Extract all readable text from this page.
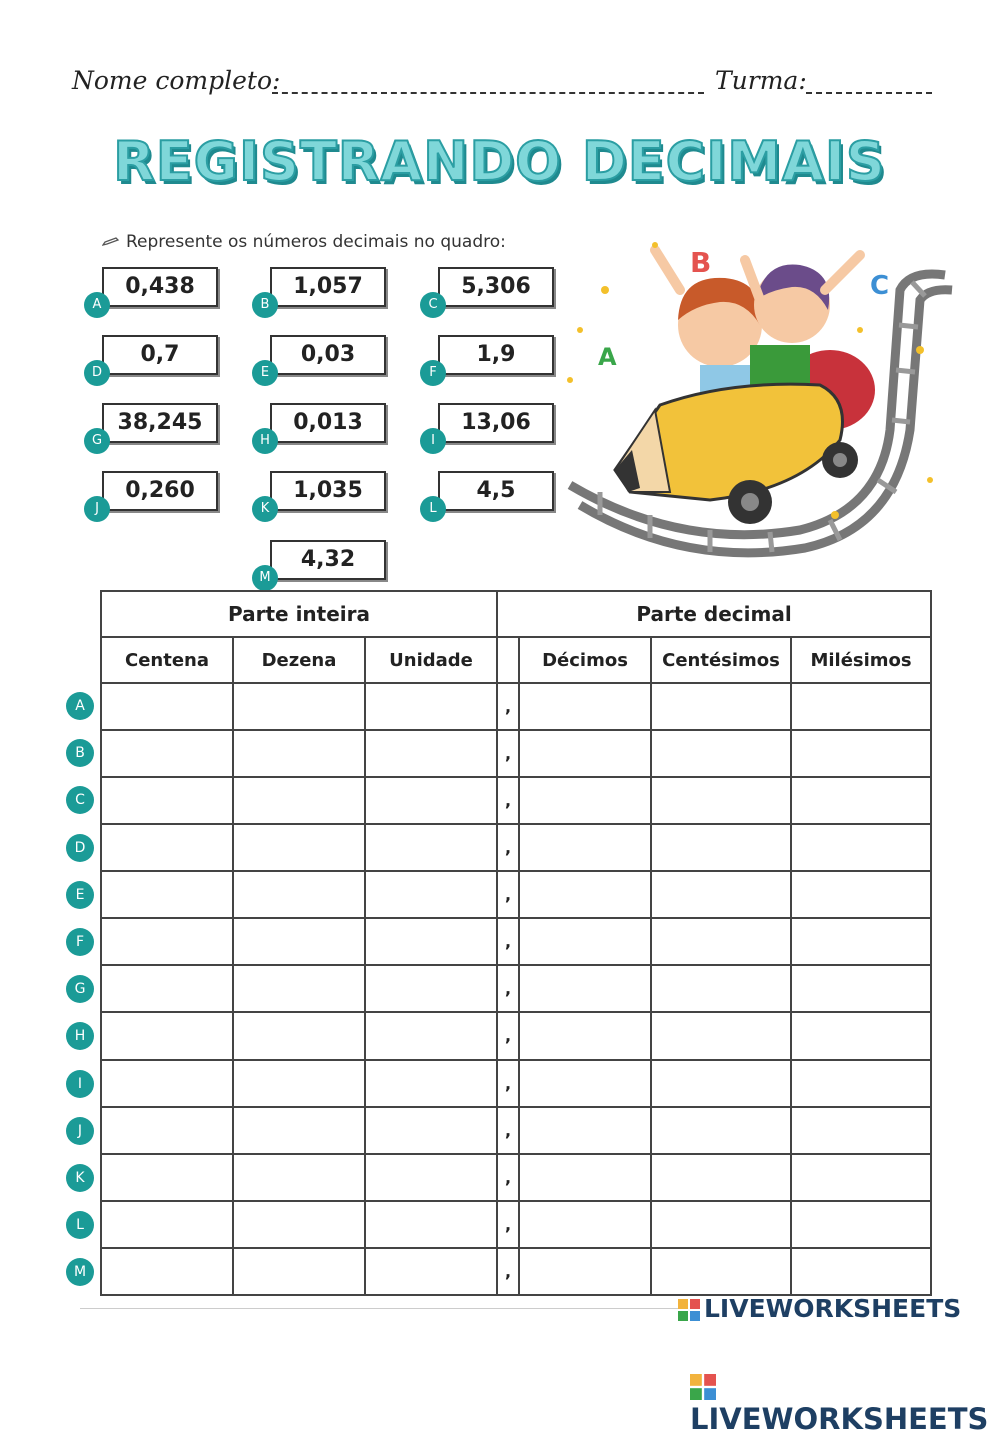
Nome completo:	Turma:
REGISTRANDO DECIMAIS
Represente os números decimais no quadro:
0,438
A
1,057
B
5,306
C
0,7
D
0,03
E
1,9
F
38,245
G
0,013
H
13,06
I
0,260
J
1,035
K
4,5
L
4,32
M
B
C
A
Parte inteira			Parte decimal			
Centena	Dezena	Unidade		Décimos	Centésimos	Milésimos
			,			
			,			
			,			
			,			
			,			
			,			
			,			
			,			
			,			
			,			
			,			
			,			
			,			
A
B
C
D
E
F
G
H
I
J
K
L
M
LIVEWORKSHEETS
LIVEWORKSHEETS
